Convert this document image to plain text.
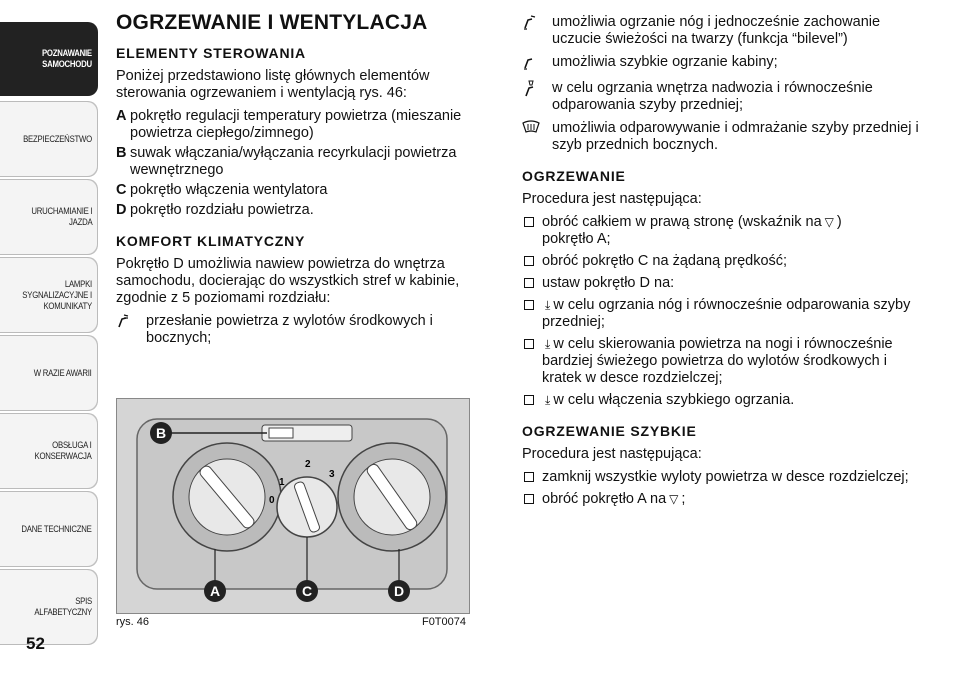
POZNAWANIE
SAMOCHODU
BEZPIECZEŃSTWO
URUCHAMIANIE I
JAZDA
LAMPKI
SYGNALIZACYJNE I
KOMUNIKATY
W RAZIE AWARII
OBSŁUGA I
KONSERWACJA
DANE TECHNICZNE
SPIS ALFABETYCZNY
52
OGRZEWANIE I WENTYLACJA
ELEMENTY STEROWANIA

Poniżej przedstawiono listę głównych elementów sterowania ogrzewaniem i wentylacją rys. 46:

A pokrętło regulacji temperatury powietrza (mieszanie powietrza ciepłego/zimnego)
B suwak włączania/wyłączania recyrkulacji powietrza wewnętrznego
C pokrętło włączenia wentylatora
D pokrętło rozdziału powietrza.
KOMFORT KLIMATYCZNY

Pokrętło D umożliwia nawiew powietrza do wnętrza samochodu, docierając do wszystkich stref w kabinie, zgodnie z 5 poziomami rozdziału:

przesłanie powietrza z wylotów środkowych i bocznych;
B
1
2
3
0
A	C	D
rys. 46	F0T0074
umożliwia ogrzanie nóg i jednocześnie zachowanie uczucie świeżości na twarzy (funkcja “bilevel”)
umożliwia szybkie ogrzanie kabiny;
w celu ogrzania wnętrza nadwozia i równocześnie odparowania szyby przedniej;
umożliwia odparowywanie i odmrażanie szyby przedniej i szyb przednich bocznych.
OGRZEWANIE

Procedura jest następująca:

obróć całkiem w prawą stronę (wskaźnik na ▽ )
pokrętło A;
obróć pokrętło C na żądaną prędkość;
ustaw pokrętło D na:
⤓ w celu ogrzania nóg i równocześnie odparowania szyby przedniej;
⤓ w celu skierowania powietrza na nogi i równocześnie bardziej świeżego powietrza do wylotów środkowych i kratek w desce rozdzielczej;
⤓ w celu włączenia szybkiego ogrzania.
OGRZEWANIE SZYBKIE

Procedura jest następująca:

zamknij wszystkie wyloty powietrza w desce rozdzielczej;
obróć pokrętło A na ▽ ;
